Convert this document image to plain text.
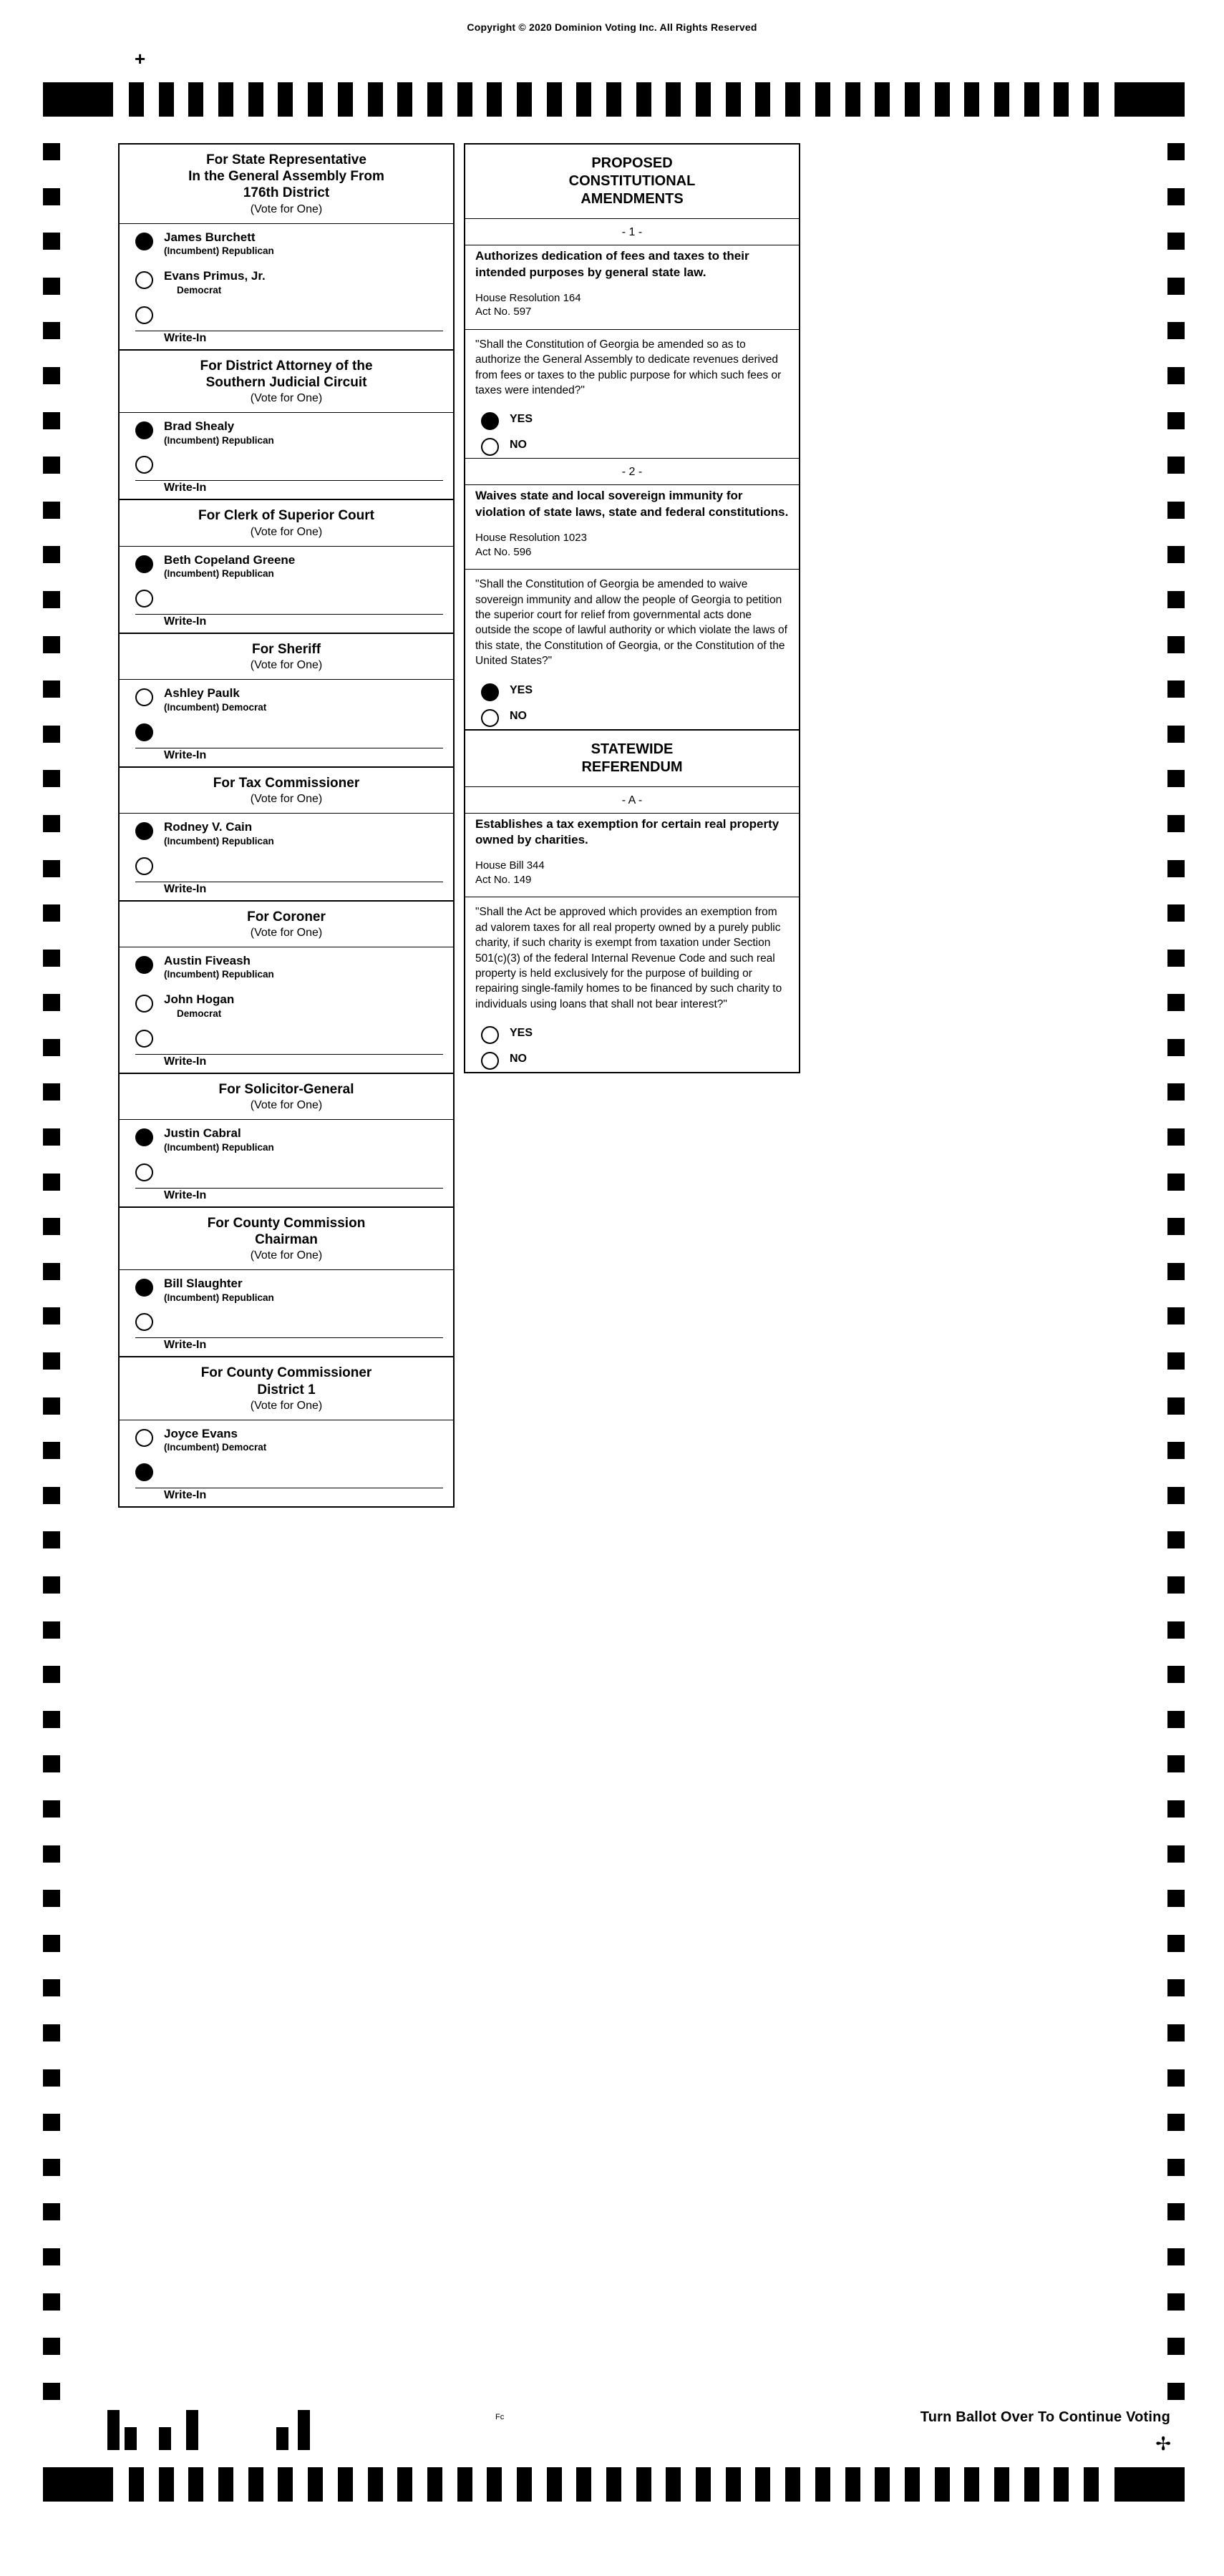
Copyright © 2020 Dominion Voting Inc. All Rights Reserved
+
Fc	Turn Ballot Over To Continue Voting
✢
For State Representative
In the General Assembly From
176th District
(Vote for One)
James Burchett
(Incumbent) Republican
Evans Primus, Jr.
Democrat
Write-In
For District Attorney of the
Southern Judicial Circuit
(Vote for One)
Brad Shealy
(Incumbent) Republican
Write-In
For Clerk of Superior Court
(Vote for One)
Beth Copeland Greene
(Incumbent) Republican
Write-In
For Sheriff
(Vote for One)
Ashley Paulk
(Incumbent) Democrat
Write-In
For Tax Commissioner
(Vote for One)
Rodney V. Cain
(Incumbent) Republican
Write-In
For Coroner
(Vote for One)
Austin Fiveash
(Incumbent) Republican
John Hogan
Democrat
Write-In
For Solicitor-General
(Vote for One)
Justin Cabral
(Incumbent) Republican
Write-In
For County Commission
Chairman
(Vote for One)
Bill Slaughter
(Incumbent) Republican
Write-In
For County Commissioner
District 1
(Vote for One)
Joyce Evans
(Incumbent) Democrat
Write-In
PROPOSED
CONSTITUTIONAL
AMENDMENTS
- 1 -
Authorizes dedication of fees and taxes to their intended purposes by general state law.
House Resolution 164
Act No. 597
"Shall the Constitution of Georgia be amended so as to authorize the General Assembly to dedicate revenues derived from fees or taxes to the public purpose for which such fees or taxes were intended?"
YES
NO
- 2 -
Waives state and local sovereign immunity for violation of state laws, state and federal constitutions.
House Resolution 1023
Act No. 596
"Shall the Constitution of Georgia be amended to waive sovereign immunity and allow the people of Georgia to petition the superior court for relief from governmental acts done outside the scope of lawful authority or which violate the laws of this state, the Constitution of Georgia, or the Constitution of the United States?"
YES
NO
STATEWIDE
REFERENDUM
- A -
Establishes a tax exemption for certain real property owned by charities.
House Bill 344
Act No. 149
"Shall the Act be approved which provides an exemption from ad valorem taxes for all real property owned by a purely public charity, if such charity is exempt from taxation under Section 501(c)(3) of the federal Internal Revenue Code and such real property is held exclusively for the purpose of building or repairing single-family homes to be financed by such charity to individuals using loans that shall not bear interest?"
YES
NO
